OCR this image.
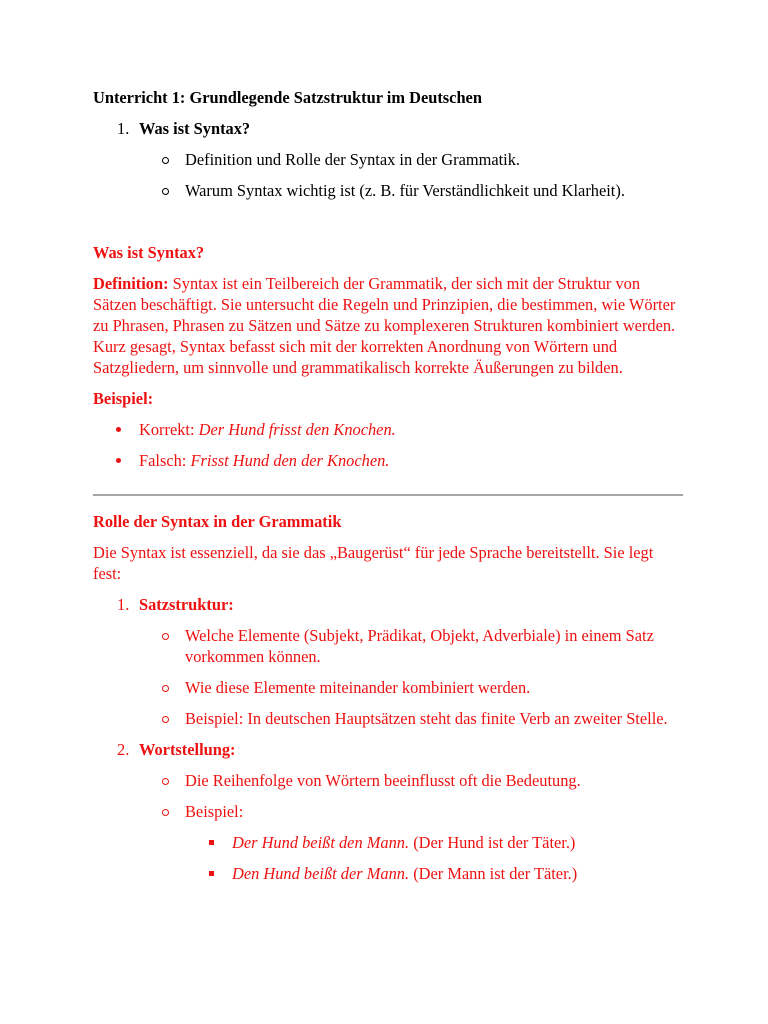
Unterricht 1: Grundlegende Satzstruktur im Deutschen
1. Was ist Syntax?
Definition und Rolle der Syntax in der Grammatik.
Warum Syntax wichtig ist (z. B. für Verständlichkeit und Klarheit).
Was ist Syntax?
Definition: Syntax ist ein Teilbereich der Grammatik, der sich mit der Struktur von Sätzen beschäftigt. Sie untersucht die Regeln und Prinzipien, die bestimmen, wie Wörter zu Phrasen, Phrasen zu Sätzen und Sätze zu komplexeren Strukturen kombiniert werden. Kurz gesagt, Syntax befasst sich mit der korrekten Anordnung von Wörtern und Satzgliedern, um sinnvolle und grammatikalisch korrekte Äußerungen zu bilden.
Beispiel:
Korrekt: Der Hund frisst den Knochen.
Falsch: Frisst Hund den der Knochen.
Rolle der Syntax in der Grammatik
Die Syntax ist essenziell, da sie das „Baugerüst“ für jede Sprache bereitstellt. Sie legt fest:
1. Satzstruktur:
Welche Elemente (Subjekt, Prädikat, Objekt, Adverbiale) in einem Satz vorkommen können.
Wie diese Elemente miteinander kombiniert werden.
Beispiel: In deutschen Hauptsätzen steht das finite Verb an zweiter Stelle.
2. Wortstellung:
Die Reihenfolge von Wörtern beeinflusst oft die Bedeutung.
Beispiel:
Der Hund beißt den Mann. (Der Hund ist der Täter.)
Den Hund beißt der Mann. (Der Mann ist der Täter.)
